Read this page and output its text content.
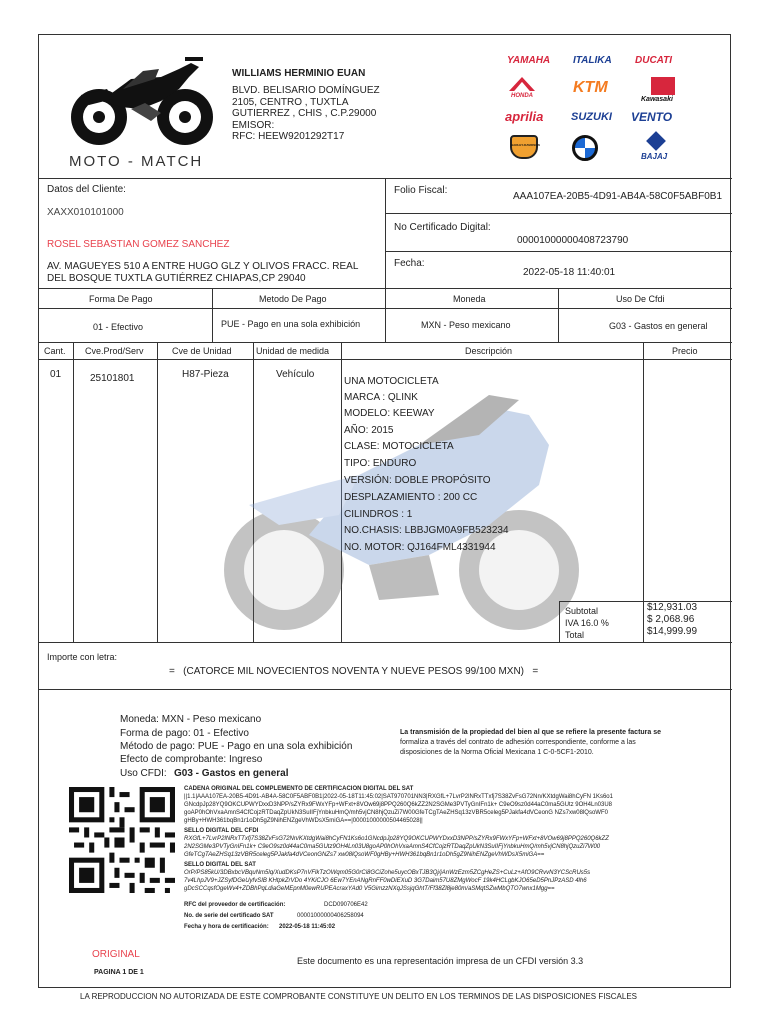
MOTO - MATCH
WILLIAMS HERMINIO EUAN
BLVD. BELISARIO DOMÍNGUEZ
2105, CENTRO , TUXTLA
GUTIERREZ , CHIS , C.P.29000
EMISOR:
RFC: HEEW9201292T17
YAMAHA ITALIKA DUCATI
HONDA	KTM
Kawasaki
aprilia	SUZUKI VENTO
HARLEY-DAVIDSON
BMW
BAJAJ
Datos del Cliente:
XAXX010101000
ROSEL SEBASTIAN GOMEZ SANCHEZ
AV. MAGUEYES 510 A ENTRE HUGO GLZ Y OLIVOS FRACC. REAL
DEL BOSQUE TUXTLA GUTIÉRREZ CHIAPAS,CP 29040
Folio Fiscal:
AAA107EA-20B5-4D91-AB4A-58C0F5ABF0B1
No Certificado Digital:
00001000000408723790
Fecha:
2022-05-18 11:40:01
Forma De Pago	Metodo De Pago	Moneda	Uso De Cfdi
01 - Efectivo	PUE - Pago en una sola exhibición	MXN - Peso mexicano	G03 - Gastos en general
Cant. Cve.Prod/Serv	Cve de Unidad	Unidad de medida	Descripción	Precio
01	25101801	H87-Pieza	Vehículo
UNA MOTOCICLETA
MARCA : QLINK
MODELO: KEEWAY
AÑO: 2015
CLASE: MOTOCICLETA
TIPO: ENDURO
VERSIÓN: DOBLE PROPÓSITO
DESPLAZAMIENTO : 200 CC
CILINDROS : 1
NO.CHASIS: LBBJGM0A9FB523234
NO. MOTOR: QJ164FML4331944
Subtotal
IVA 16.0 %
Total
$12,931.03
$ 2,068.96
$14,999.99
Importe con letra:
=   (CATORCE MIL NOVECIENTOS NOVENTA Y NUEVE PESOS 99/100 MXN)   =
Moneda: MXN - Peso mexicano
Forma de pago: 01 - Efectivo
Método de pago: PUE - Pago en una sola exhibición
Efecto de comprobante: Ingreso
Uso CFDI: G03 - Gastos en general
La transmisión de la propiedad del bien al que se refiere la presente factura se
formaliza a través del contrato de adhesión correspondiente, conforme a las
disposiciones de la Norma Oficial Mexicana 1 C-0-5CF1-2010.
CADENA ORIGINAL DEL COMPLEMENTO DE CERTIFICACION DIGITAL DEL SAT
||1.1|AAA107EA-20B5-4D91-AB4A-58C0F5ABF0B1|2022-05-18T11:45:02|SAT970701NN3|RXGfL+7LvrP2lNRxTTxfj7S38ZvFsG72Nn/KXtdgWai8hCyFN 1Ks6o1
GNcdpJp28YQ9OKCUPWYDxxD3NPP/sZYRx9FWxYFp+WFxt+8VOw69j8PPQ260Q6kZZ2N2SGMe3PVTyGnIFn1k+ C9eO9sz0d44aC0ma5GUtz 9OH4Ln03U8
goAP0hOhVxaAmnS4CfCojzRTDaqZpUkN3SuIIFjYnbkuHmQ/mh5vjCN8hjQzuZi7W00GfeTCgTAeZHSq13zVBR5celeg5PJakfa4dVCeonG NZs7xw08lQsoWF0
gHBy+HWH361bqBn1r1oDh5gZ9NihENZgeVhWDsX5miGA==|00001000000504465028||
SELLO DIGITAL DEL CFDI
RXGfL+7LvrP2lNRxTTxfj7S38ZvFsG72Nn/KXtdgWai8hCyFN1Ks6o1GNcdpJp28YQ9OKCUPWYDxxD3NPP/sZYRx9FWxYFp+WFxt+8VOw69j8PPQ260Q6kZZ
2N2SGMe3PVTyGnIFn1k+ C9eO9sz0d44aC0ma5GUtz9OH4Ln03U8goAP0hOhVxaAmnS4CfCojzRTDaqZpUkN3SuIIFjYnbkuHmQ/mh5vjCN8hjQzuZi7W00
GfeTCgTAeZHSq13zVBR5celeg5PJakfa4dVCeonGNZs7 xw08lQsoWF0gHBy+HWH361bqBn1r1oDh5gZ9NihENZgeVhWDsX5miGA==
SELLO DIGITAL DEL SAT
OrP/PS85kU/3DBxbcVBquNm5lq/XudDKsP7nVFlkTzOWqm05G0rCi8GCiZohe5uycOBxTJB3Qj/jAnWzEzm5ZCgHeZS+CuLz+AfO9CRvvN3YCScRUs5s
7v4LhpJV9+JZSyfDGeUyfvSIB KHtpkZrVDo 4YKiCJO 6Ew7YEnANgRnFF0wDiEXuD 3G7Daim57U8ZMgWocF 19k4HCLgbKJO65eD5PnJPzASD 4lh6
gDcSCCqsfOgeWv4+ZDBhPqLdiaGeMEpnM0ewRUPEAcraxYAd0 V5GimzzNXqJSsjqGhtT/Ff38Zl8je80m/aSMqtSZwMbQTO7wnx1Mgg==
RFC del proveedor de certificación:	DCD090706E42
No. de serie del certificado SAT	00001000000406258094
Fecha y hora de certificación: 2022-05-18 11:45:02
ORIGINAL
PAGINA 1 DE 1
Este documento es una representación impresa de un CFDI versión 3.3
LA REPRODUCCION NO AUTORIZADA DE ESTE COMPROBANTE CONSTITUYE UN DELITO EN LOS TERMINOS DE LAS DISPOSICIONES FISCALES
